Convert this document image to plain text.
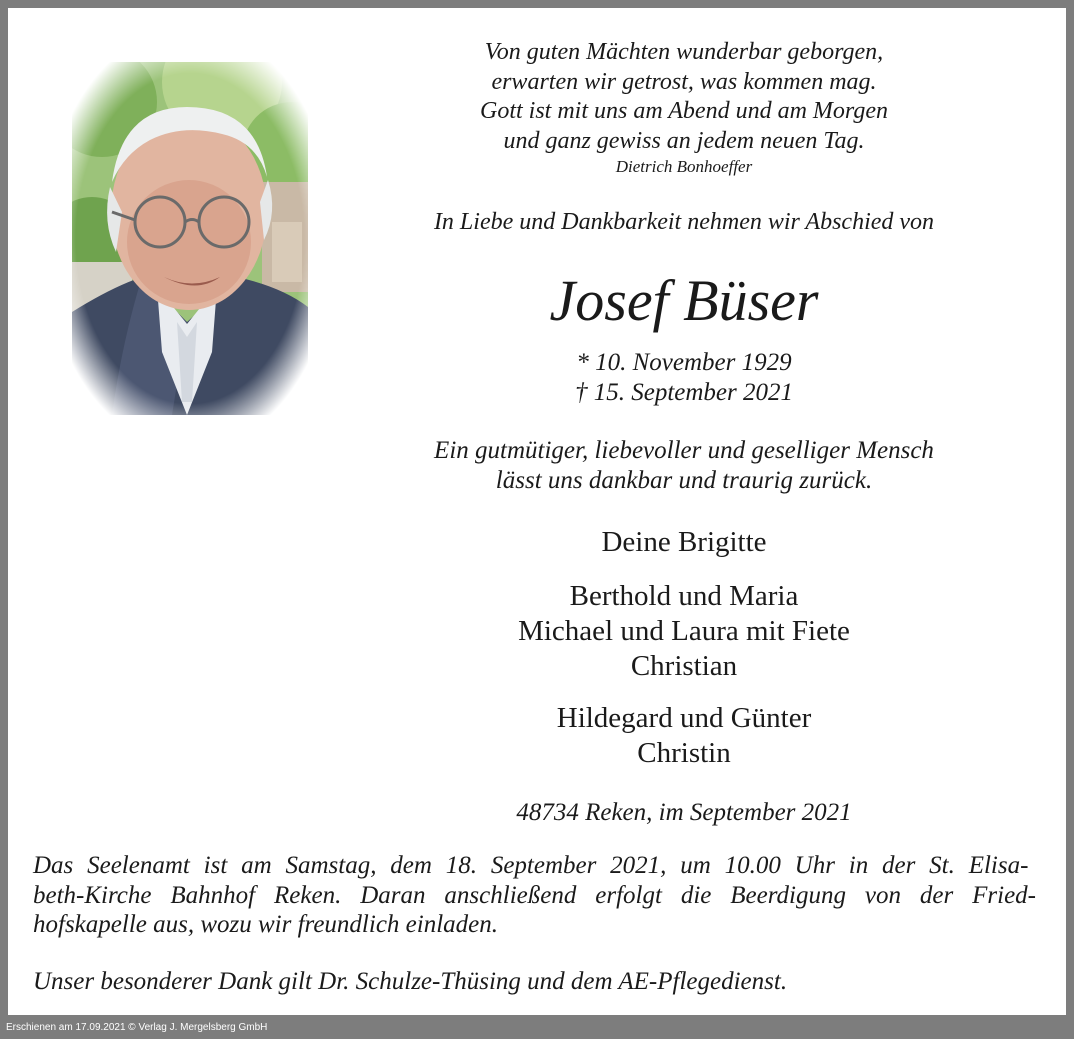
Von guten Mächten wunderbar geborgen,
erwarten wir getrost, was kommen mag.
Gott ist mit uns am Abend und am Morgen
und ganz gewiss an jedem neuen Tag.
Dietrich Bonhoeffer
In Liebe und Dankbarkeit nehmen wir Abschied von
Josef Büser
* 10. November 1929
† 15. September 2021
Ein gutmütiger, liebevoller und geselliger Mensch
lässt uns dankbar und traurig zurück.
Deine Brigitte
Berthold und Maria
Michael und Laura mit Fiete
Christian
Hildegard und Günter
Christin
48734 Reken, im September 2021
Das Seelenamt ist am Samstag, dem 18. September 2021, um 10.00 Uhr in der St. Elisa-
beth-Kirche Bahnhof Reken. Daran anschließend erfolgt die Beerdigung von der Fried-
hofskapelle aus, wozu wir freundlich einladen.
Unser besonderer Dank gilt Dr. Schulze-Thüsing und dem AE-Pflegedienst.
Erschienen am 17.09.2021 © Verlag J. Mergelsberg GmbH
